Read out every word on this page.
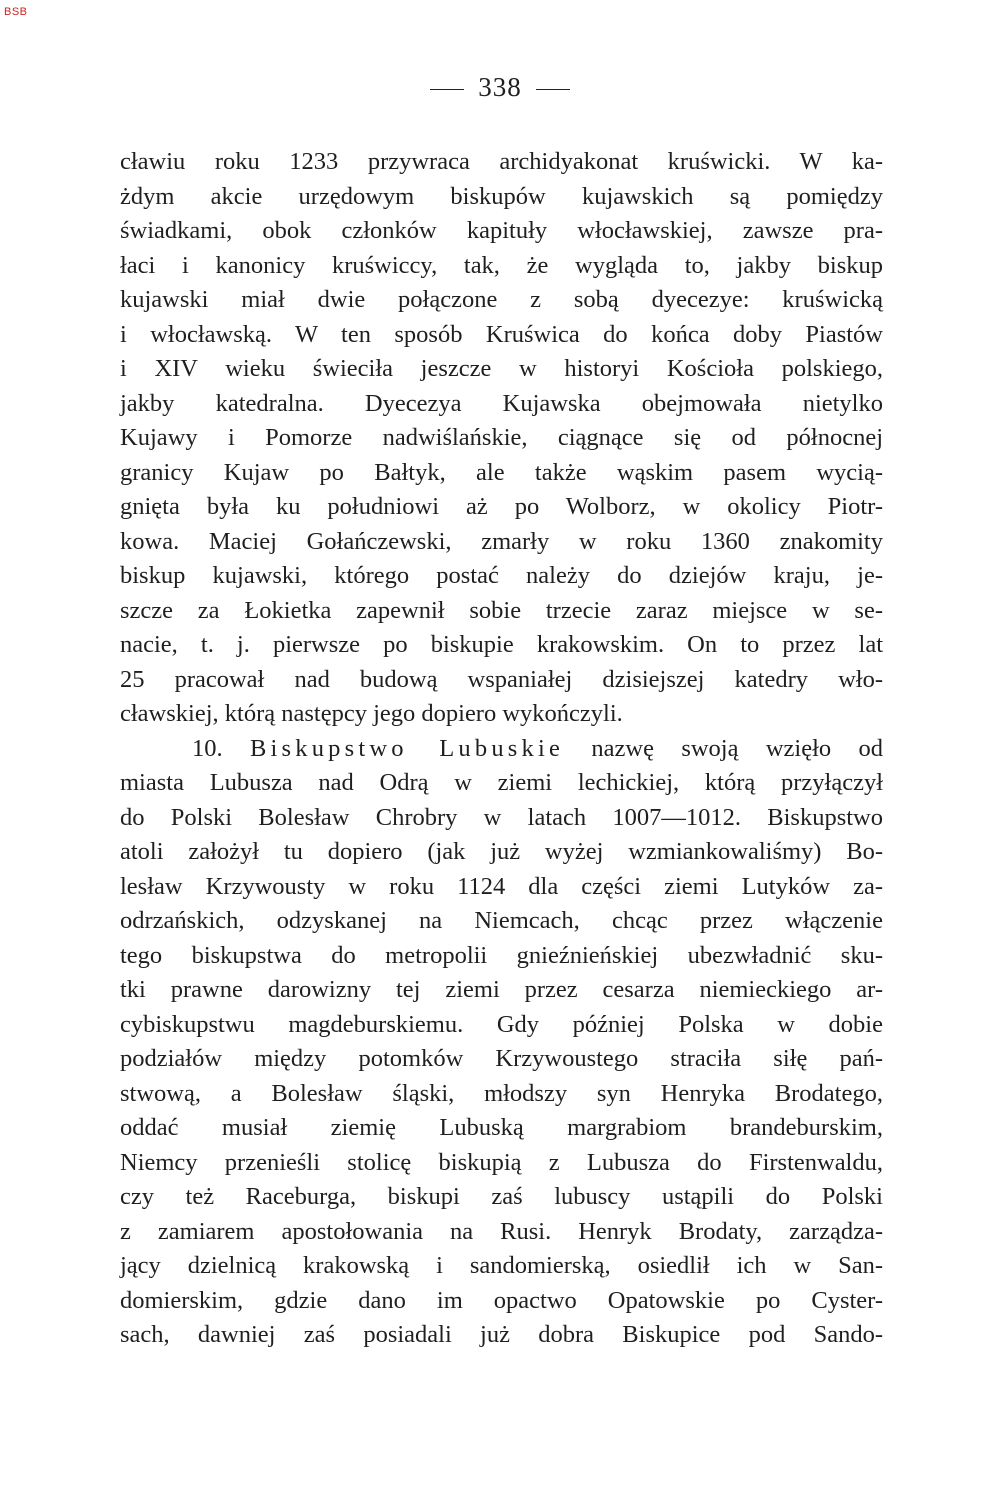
BSB
338
cławiu roku 1233 przywraca archidyakonat kruświcki. W ka-
żdym akcie urzędowym biskupów kujawskich są pomiędzy
świadkami, obok członków kapituły włocławskiej, zawsze pra-
łaci i kanonicy kruświccy, tak, że wygląda to, jakby biskup
kujawski miał dwie połączone z sobą dyecezye: kruświcką
i włocławską. W ten sposób Kruświca do końca doby Piastów
i XIV wieku świeciła jeszcze w historyi Kościoła polskiego,
jakby katedralna. Dyecezya Kujawska obejmowała nietylko
Kujawy i Pomorze nadwiślańskie, ciągnące się od północnej
granicy Kujaw po Bałtyk, ale także wąskim pasem wycią-
gnięta była ku południowi aż po Wolborz, w okolicy Piotr-
kowa. Maciej Gołańczewski, zmarły w roku 1360 znakomity
biskup kujawski, którego postać należy do dziejów kraju, je-
szcze za Łokietka zapewnił sobie trzecie zaraz miejsce w se-
nacie, t. j. pierwsze po biskupie krakowskim. On to przez lat
25 pracował nad budową wspaniałej dzisiejszej katedry wło-
cławskiej, którą następcy jego dopiero wykończyli.
10. Biskupstwo Lubuskie nazwę swoją wzięło od
miasta Lubusza nad Odrą w ziemi lechickiej, którą przyłączył
do Polski Bolesław Chrobry w latach 1007—1012. Biskupstwo
atoli założył tu dopiero (jak już wyżej wzmiankowaliśmy) Bo-
lesław Krzywousty w roku 1124 dla części ziemi Lutyków za-
odrzańskich, odzyskanej na Niemcach, chcąc przez włączenie
tego biskupstwa do metropolii gnieźnieńskiej ubezwładnić sku-
tki prawne darowizny tej ziemi przez cesarza niemieckiego ar-
cybiskupstwu magdeburskiemu. Gdy później Polska w dobie
podziałów między potomków Krzywoustego straciła siłę pań-
stwową, a Bolesław śląski, młodszy syn Henryka Brodatego,
oddać musiał ziemię Lubuską margrabiom brandeburskim,
Niemcy przenieśli stolicę biskupią z Lubusza do Firstenwaldu,
czy też Raceburga, biskupi zaś lubuscy ustąpili do Polski
z zamiarem apostołowania na Rusi. Henryk Brodaty, zarządza-
jący dzielnicą krakowską i sandomierską, osiedlił ich w San-
domierskim, gdzie dano im opactwo Opatowskie po Cyster-
sach, dawniej zaś posiadali już dobra Biskupice pod Sando-
